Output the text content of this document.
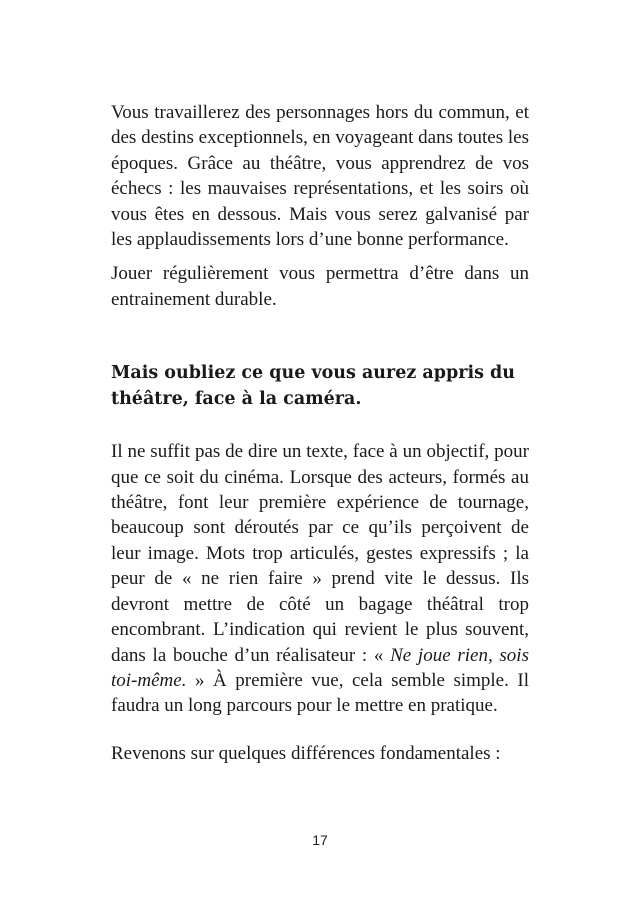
Vous travaillerez des personnages hors du commun, et des destins exceptionnels, en voyageant dans toutes les époques. Grâce au théâtre, vous apprendrez de vos échecs : les mauvaises représentations, et les soirs où vous êtes en dessous. Mais vous serez galvanisé par les applaudissements lors d’une bonne performance.

Jouer régulièrement vous permettra d’être dans un entrainement durable.

Mais oubliez ce que vous aurez appris du
théâtre, face à la caméra.

Il ne suffit pas de dire un texte, face à un objectif, pour que ce soit du cinéma. Lorsque des acteurs, formés au théâtre, font leur première expérience de tournage, beaucoup sont déroutés par ce qu’ils perçoivent de leur image. Mots trop articulés, gestes expressifs ; la peur de « ne rien faire » prend vite le dessus. Ils devront mettre de côté un bagage théâtral trop encombrant. L’indication qui revient le plus souvent, dans la bouche d’un réalisateur : « Ne joue rien, sois toi-même. » À première vue, cela semble simple. Il faudra un long parcours pour le mettre en pratique.

Revenons sur quelques différences fondamentales :

17
